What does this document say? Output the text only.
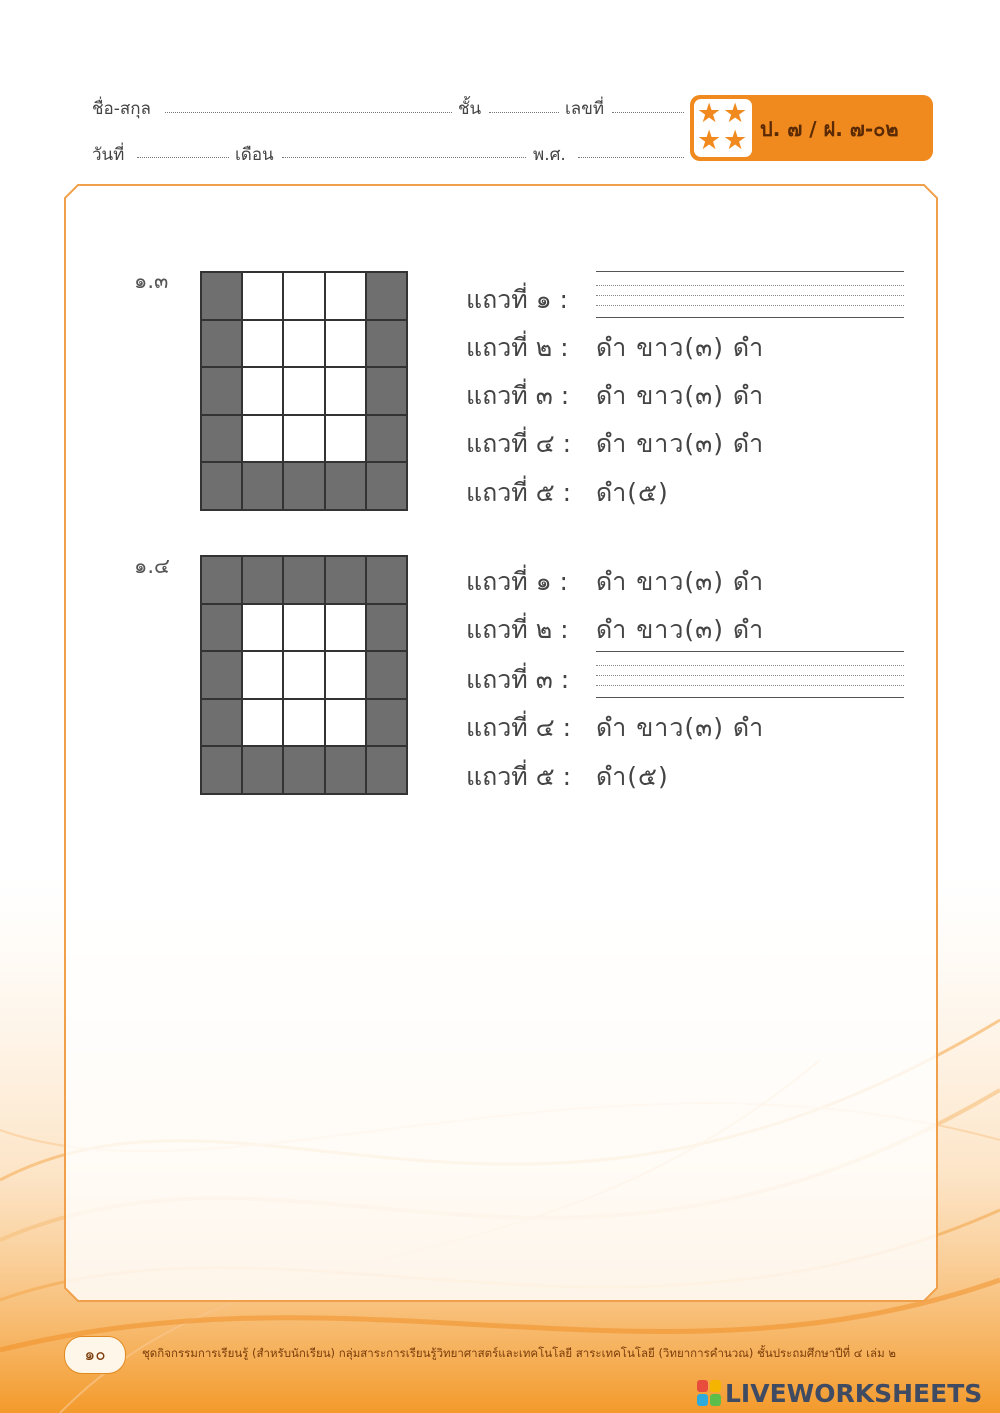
ชื่อ-สกุล	ชั้น	เลขที่
วันที่	เดือน	พ.ศ.
★ ★
★ ★ ป. ๗ / ฝ. ๗-๐๒
๑.๓
แถวที่ ๑ :
แถวที่ ๒ : ดำ ขาว(๓) ดำ
แถวที่ ๓ : ดำ ขาว(๓) ดำ
แถวที่ ๔ : ดำ ขาว(๓) ดำ
แถวที่ ๕ : ดำ(๕)
๑.๔
แถวที่ ๑ : ดำ ขาว(๓) ดำ
แถวที่ ๒ : ดำ ขาว(๓) ดำ
แถวที่ ๓ :
แถวที่ ๔ : ดำ ขาว(๓) ดำ
แถวที่ ๕ : ดำ(๕)
๑๐	ชุดกิจกรรมการเรียนรู้ (สำหรับนักเรียน) กลุ่มสาระการเรียนรู้วิทยาศาสตร์และเทคโนโลยี สาระเทคโนโลยี (วิทยาการคำนวณ) ชั้นประถมศึกษาปีที่ ๔ เล่ม ๒
LIVEWORKSHEETS
